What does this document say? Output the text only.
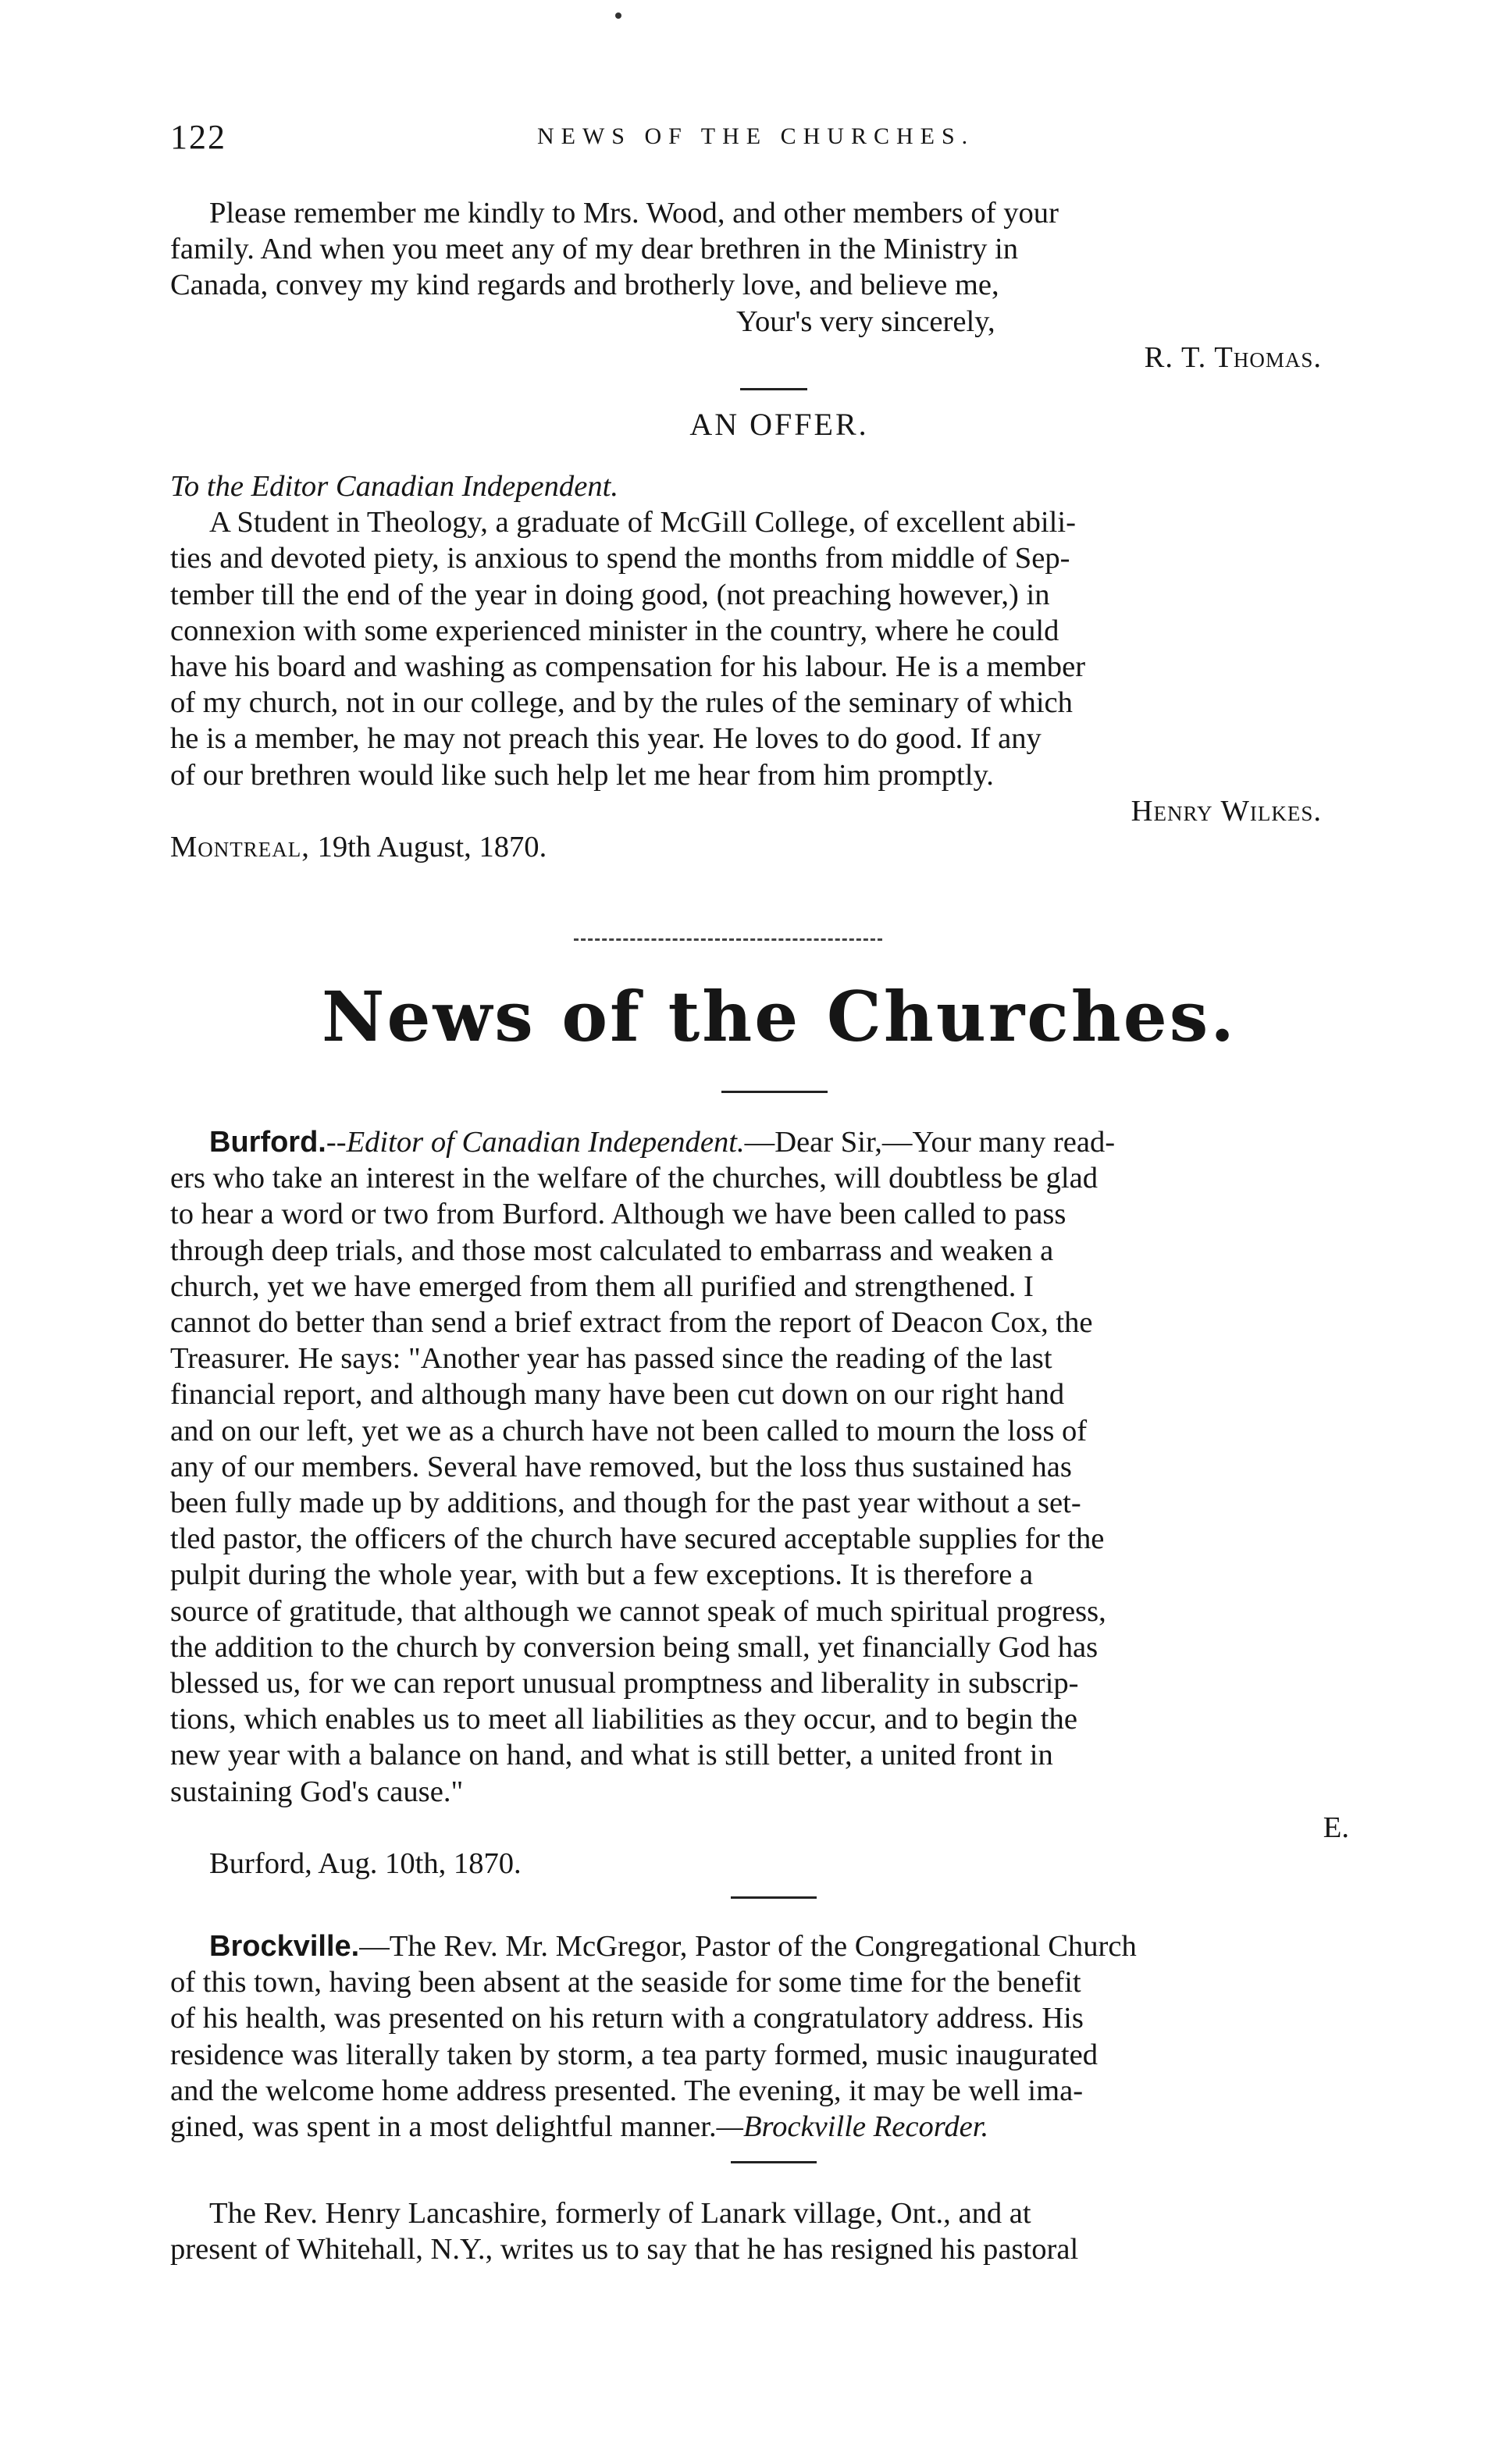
122	NEWS OF THE CHURCHES.

Please remember me kindly to Mrs. Wood, and other members of your

family. And when you meet any of my dear brethren in the Ministry in

Canada, convey my kind regards and brotherly love, and believe me,

Your's very sincerely,

R. T. Thomas.

AN OFFER.

To the Editor Canadian Independent.

A Student in Theology, a graduate of McGill College, of excellent abili-

ties and devoted piety, is anxious to spend the months from middle of Sep-

tember till the end of the year in doing good, (not preaching however,) in

connexion with some experienced minister in the country, where he could

have his board and washing as compensation for his labour. He is a member

of my church, not in our college, and by the rules of the seminary of which

he is a member, he may not preach this year. He loves to do good. If any

of our brethren would like such help let me hear from him promptly.

Henry Wilkes.

Montreal, 19th August, 1870.

News of the Churches.

Burford.--Editor of Canadian Independent.—Dear Sir,—Your many read-

ers who take an interest in the welfare of the churches, will doubtless be glad

to hear a word or two from Burford. Although we have been called to pass

through deep trials, and those most calculated to embarrass and weaken a

church, yet we have emerged from them all purified and strengthened. I

cannot do better than send a brief extract from the report of Deacon Cox, the

Treasurer. He says: "Another year has passed since the reading of the last

financial report, and although many have been cut down on our right hand

and on our left, yet we as a church have not been called to mourn the loss of

any of our members. Several have removed, but the loss thus sustained has

been fully made up by additions, and though for the past year without a set-

tled pastor, the officers of the church have secured acceptable supplies for the

pulpit during the whole year, with but a few exceptions. It is therefore a

source of gratitude, that although we cannot speak of much spiritual progress,

the addition to the church by conversion being small, yet financially God has

blessed us, for we can report unusual promptness and liberality in subscrip-

tions, which enables us to meet all liabilities as they occur, and to begin the

new year with a balance on hand, and what is still better, a united front in

sustaining God's cause."

E.

Burford, Aug. 10th, 1870.

Brockville.—The Rev. Mr. McGregor, Pastor of the Congregational Church

of this town, having been absent at the seaside for some time for the benefit

of his health, was presented on his return with a congratulatory address. His

residence was literally taken by storm, a tea party formed, music inaugurated

and the welcome home address presented. The evening, it may be well ima-

gined, was spent in a most delightful manner.—Brockville Recorder.

The Rev. Henry Lancashire, formerly of Lanark village, Ont., and at

present of Whitehall, N.Y., writes us to say that he has resigned his pastoral
